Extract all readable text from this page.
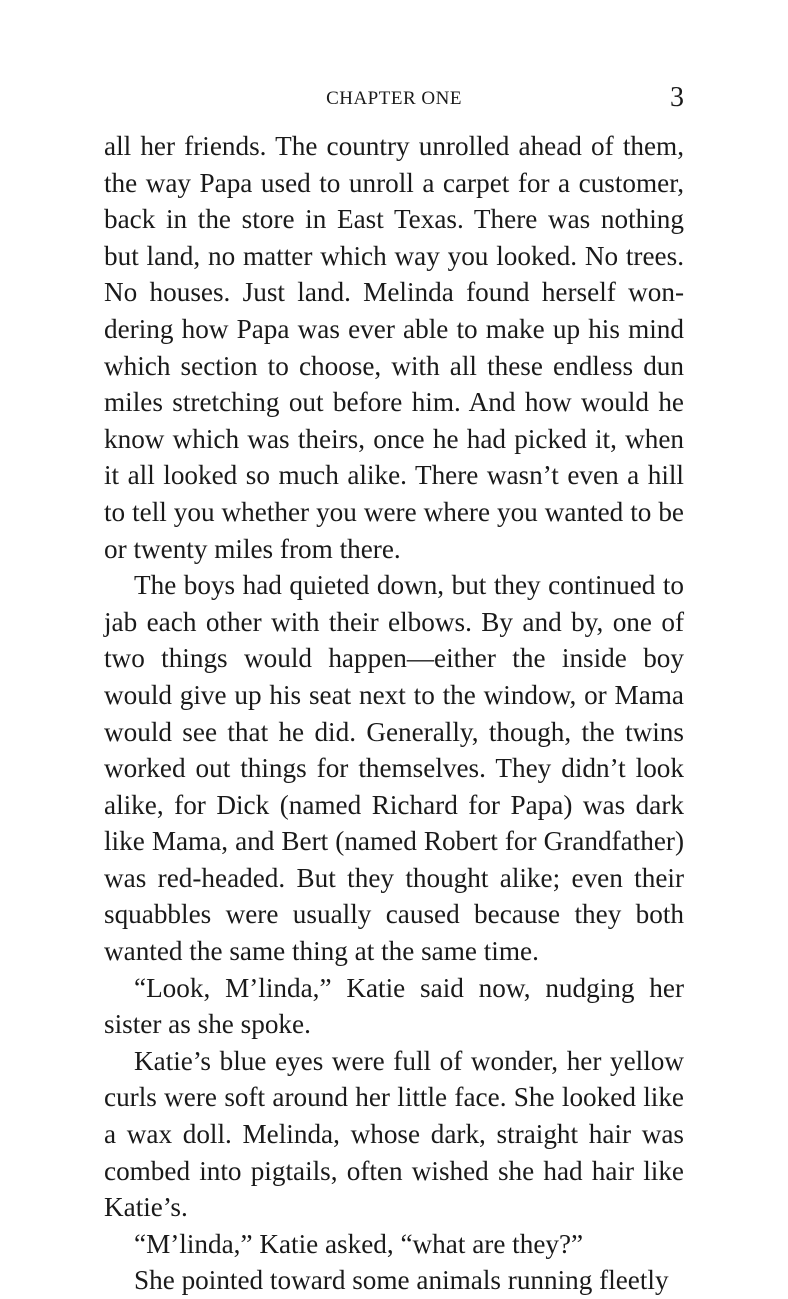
CHAPTER ONE	3

all her friends. The country unrolled ahead of them, the way Papa used to unroll a carpet for a customer, back in the store in East Texas. There was nothing but land, no matter which way you looked. No trees. No houses. Just land. Melinda found herself won-dering how Papa was ever able to make up his mind which section to choose, with all these endless dun miles stretching out before him. And how would he know which was theirs, once he had picked it, when it all looked so much alike. There wasn’t even a hill to tell you whether you were where you wanted to be or twenty miles from there.

The boys had quieted down, but they continued to jab each other with their elbows. By and by, one of two things would happen—either the inside boy would give up his seat next to the window, or Mama would see that he did. Generally, though, the twins worked out things for themselves. They didn’t look alike, for Dick (named Richard for Papa) was dark like Mama, and Bert (named Robert for Grandfather) was red-headed. But they thought alike; even their squabbles were usually caused because they both wanted the same thing at the same time.

“Look, M’linda,” Katie said now, nudging her sister as she spoke.

Katie’s blue eyes were full of wonder, her yellow curls were soft around her little face. She looked like a wax doll. Melinda, whose dark, straight hair was combed into pigtails, often wished she had hair like Katie’s.

“M’linda,” Katie asked, “what are they?”

She pointed toward some animals running fleetly
